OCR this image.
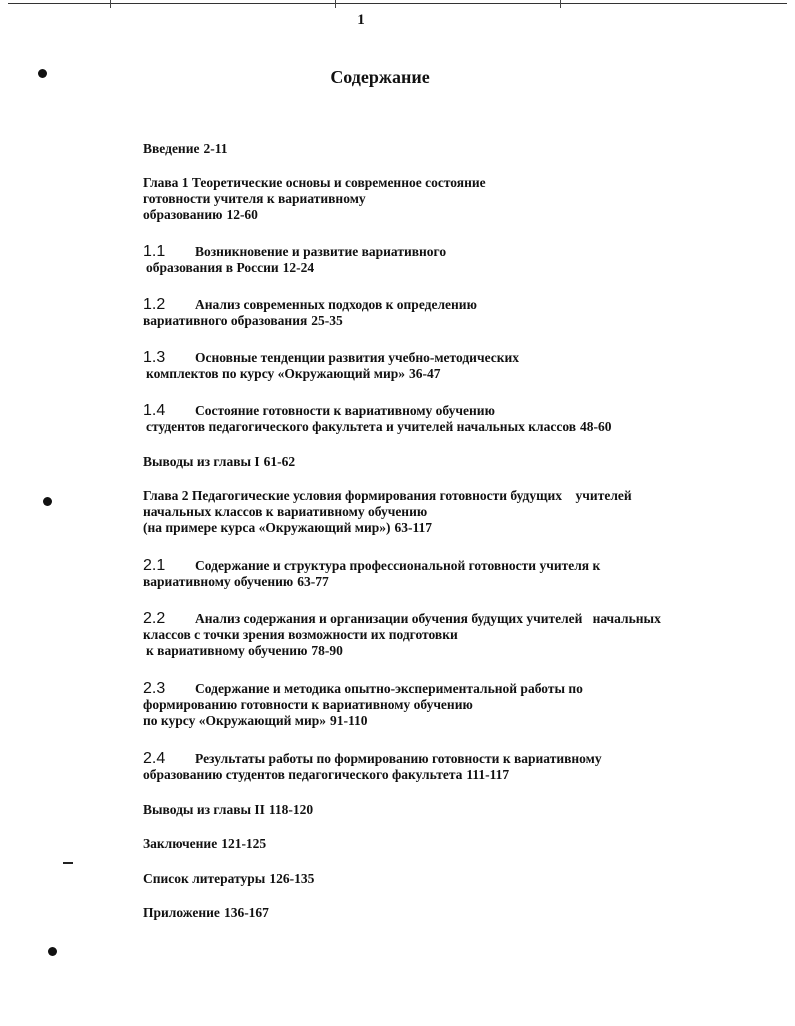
1
Содержание
Введение 2-11
Глава 1 Теоретические основы и современное состояние
готовности учителя к вариативному
образованию 12-60
1.1	Возникновение и развитие вариативного
образования в России 12-24
1.2	Анализ современных подходов к определению
вариативного образования 25-35
1.3	Основные тенденции развития учебно-методических
комплектов по курсу «Окружающий мир» 36-47
1.4	Состояние готовности к вариативному обучению
студентов педагогического факультета и учителей начальных классов 48-60
Выводы из главы I 61-62
Глава 2 Педагогические условия формирования готовности будущих    учителей
начальных классов к вариативному обучению
(на примере курса «Окружающий мир») 63-117
2.1	Содержание и структура профессиональной готовности учителя к
вариативному обучению 63-77
2.2	Анализ содержания и организации обучения будущих учителей   начальных
классов с точки зрения возможности их подготовки
к вариативному обучению 78-90
2.3	Содержание и методика опытно-экспериментальной работы по
формированию готовности к вариативному обучению
по курсу «Окружающий мир» 91-110
2.4	Результаты работы по формированию готовности к вариативному
образованию студентов педагогического факультета 111-117
Выводы из главы II 118-120
Заключение 121-125
Список литературы 126-135
Приложение 136-167
